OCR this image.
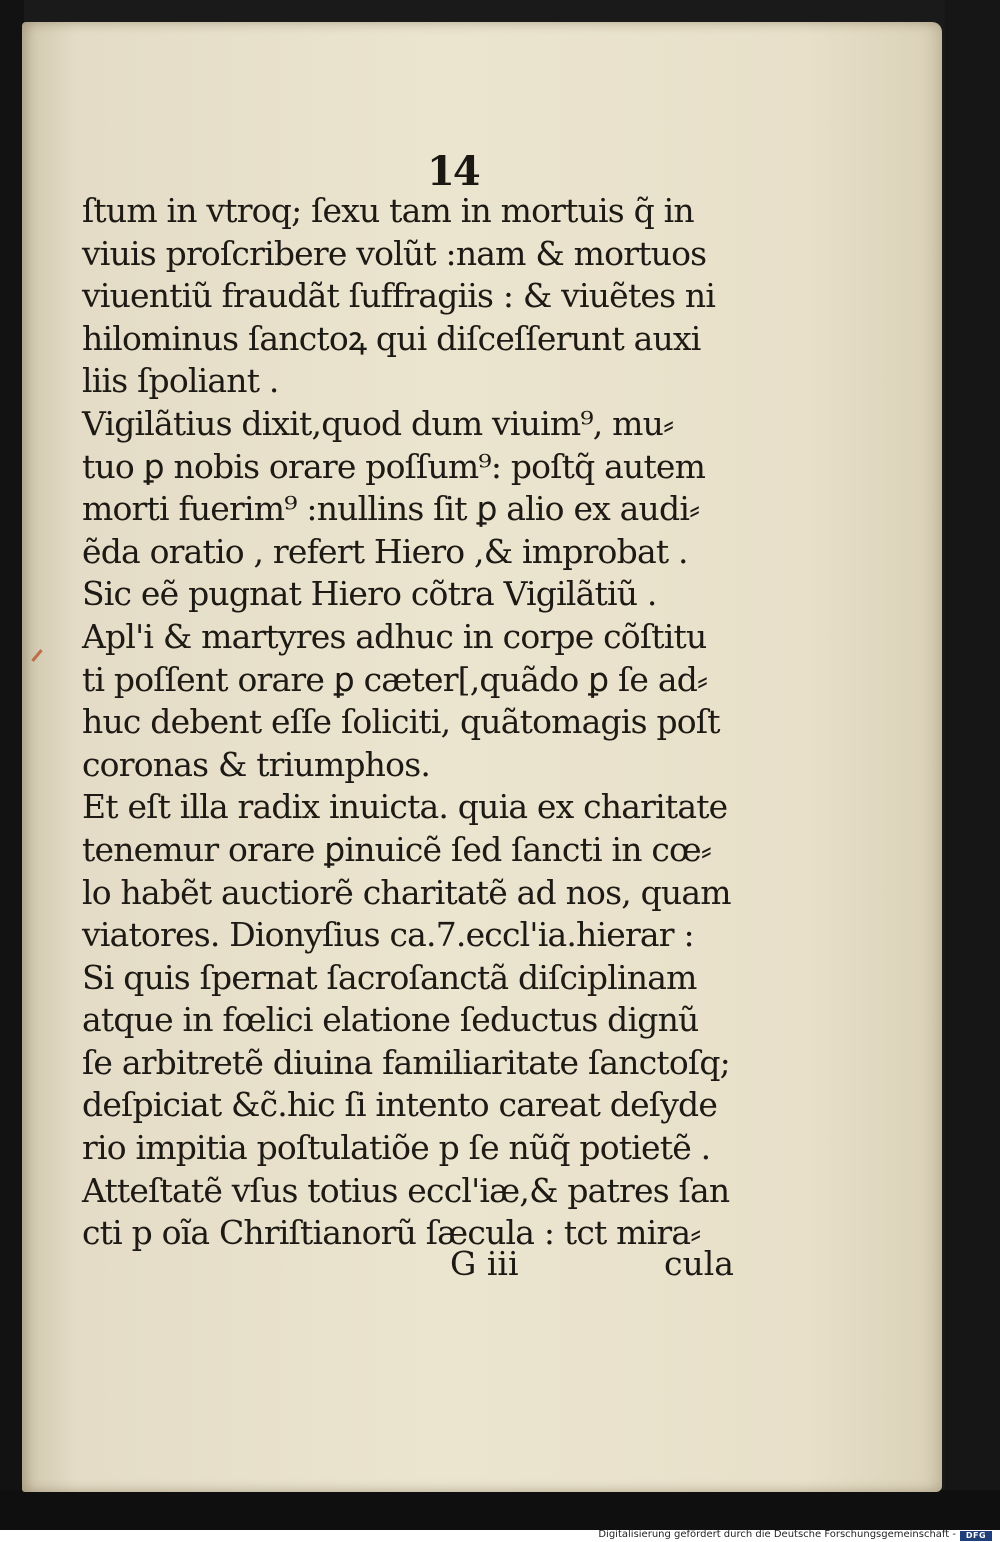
14
ſtum in vtroq; ſexu tam in mortuis q̃ in
viuis proſcribere volũt :nam & mortuos
viuentiũ fraudãt ſuffragiis : & viuẽtes ni
hilominus ſanctoꝝ qui diſceſſerunt auxi
liis ſpoliant .
Vigilãtius dixit,quod dum viuim⁹, mu⸗
tuo ꝑ nobis orare poſſum⁹: poſtq̃ autem
morti fuerim⁹ :nullins ſit ꝑ alio ex audi⸗
ẽda oratio , refert Hiero ,& improbat .
Sic eẽ pugnat Hiero cõtra Vigilãtiũ .
Apl'i & martyres adhuc in corpe cõſtitu
ti poſſent orare ꝑ cæter[,quãdo ꝑ ſe ad⸗
huc debent eſſe ſoliciti, quãtomagis poſt
coronas & triumphos.
Et eſt illa radix inuicta. quia ex charitate
tenemur orare ꝑinuicẽ ſed ſancti in cœ⸗
lo habẽt auctiorẽ charitatẽ ad nos, quam
viatores. Dionyſius ca.7.eccl'ia.hierar :
Si quis ſpernat ſacroſanctã diſciplinam
atque in fœlici elatione ſeductus dignũ
ſe arbitretẽ diuina familiaritate ſanctoſq;
deſpiciat &c̃.hic ſi intento careat deſyde
rio impitia poſtulatiõe p ſe nũq̃ potietẽ .
Atteſtatẽ vſus totius eccl'iæ,& patres ſan
cti p oĩa Chriſtianorũ ſæcula : tct mira⸗
G iii	cula
Digitalisierung gefördert durch die Deutsche Forschungsgemeinschaft -	DFG
